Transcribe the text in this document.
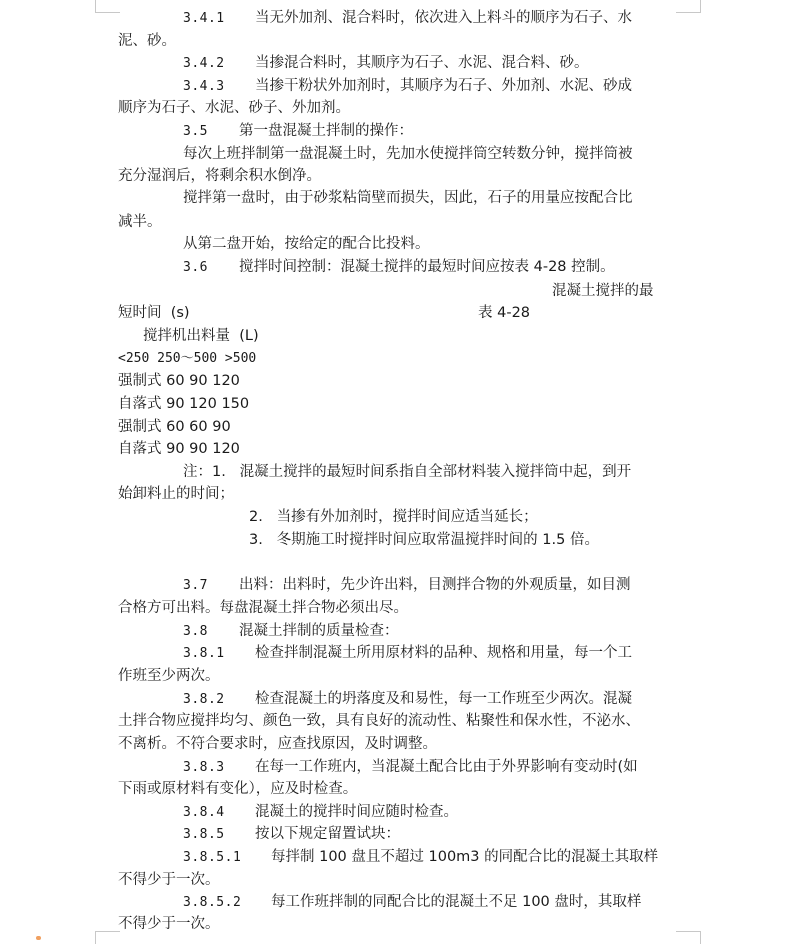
3.4.1 当无外加剂、混合料时，依次进入上料斗的顺序为石子、水
泥、砂。
3.4.2 当掺混合料时，其顺序为石子、水泥、混合料、砂。
3.4.3 当掺干粉状外加剂时，其顺序为石子、外加剂、水泥、砂成
顺序为石子、水泥、砂子、外加剂。
3.5 第一盘混凝土拌制的操作：
每次上班拌制第一盘混凝土时，先加水使搅拌筒空转数分钟，搅拌筒被
充分湿润后，将剩余积水倒净。
搅拌第一盘时，由于砂浆粘筒壁而损失，因此，石子的用量应按配合比
减半。
从第二盘开始，按给定的配合比投料。
3.6 搅拌时间控制：混凝土搅拌的最短时间应按表 4-28 控制。
混凝土搅拌的最
短时间  (s)	表 4-28
搅拌机出料量  (L)
<250 250～500 >500
强制式 60 90 120
自落式 90 120 150
强制式 60 60 90
自落式 90 90 120
注：1.   混凝土搅拌的最短时间系指自全部材料装入搅拌筒中起，到开
始卸料止的时间；
2.   当掺有外加剂时，搅拌时间应适当延长；
3.   冬期施工时搅拌时间应取常温搅拌时间的 1.5 倍。
3.7 出料：出料时，先少许出料，目测拌合物的外观质量，如目测
合格方可出料。每盘混凝土拌合物必须出尽。
3.8 混凝土拌制的质量检查：
3.8.1 检查拌制混凝土所用原材料的品种、规格和用量，每一个工
作班至少两次。
3.8.2 检查混凝土的坍落度及和易性，每一工作班至少两次。混凝
土拌合物应搅拌均匀、颜色一致，具有良好的流动性、粘聚性和保水性，不泌水、
不离析。不符合要求时，应查找原因，及时调整。
3.8.3 在每一工作班内，当混凝土配合比由于外界影响有变动时(如
下雨或原材料有变化），应及时检查。
3.8.4 混凝土的搅拌时间应随时检查。
3.8.5 按以下规定留置试块：
3.8.5.1 每拌制 100 盘且不超过 100m3 的同配合比的混凝土其取样
不得少于一次。
3.8.5.2 每工作班拌制的同配合比的混凝土不足 100 盘时，其取样
不得少于一次。
